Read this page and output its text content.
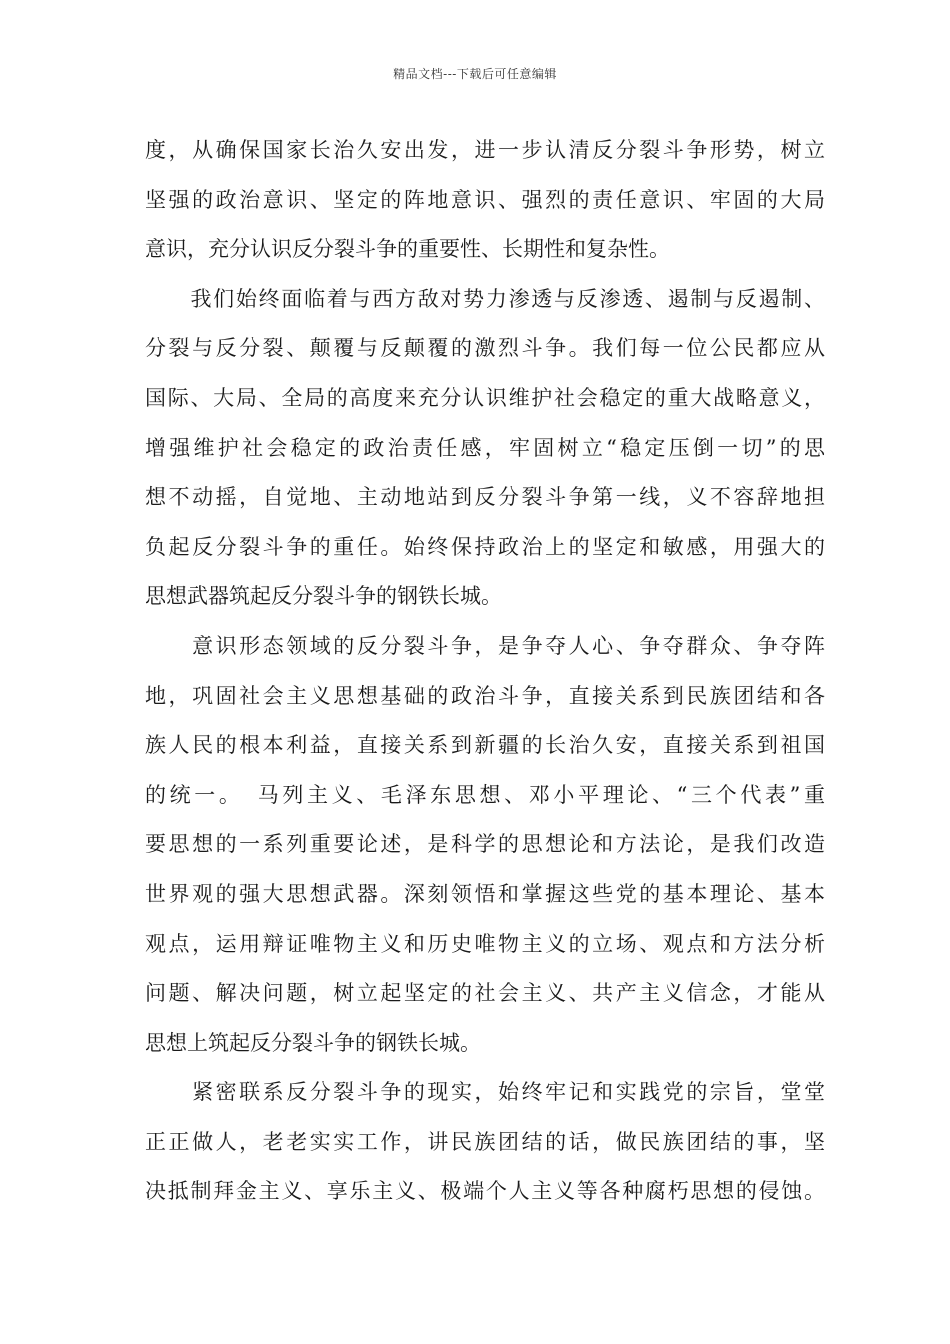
精品文档---下载后可任意编辑
度，从确保国家长治久安出发，进一步认清反分裂斗争形势，树立
坚强的政治意识、坚定的阵地意识、强烈的责任意识、牢固的大局
意识，充分认识反分裂斗争的重要性、长期性和复杂性。
　　我们始终面临着与西方敌对势力渗透与反渗透、遏制与反遏制、
分裂与反分裂、颠覆与反颠覆的激烈斗争。我们每一位公民都应从
国际、大局、全局的高度来充分认识维护社会稳定的重大战略意义，
增强维护社会稳定的政治责任感，牢固树立“稳定压倒一切”的思
想不动摇，自觉地、主动地站到反分裂斗争第一线，义不容辞地担
负起反分裂斗争的重任。始终保持政治上的坚定和敏感，用强大的
思想武器筑起反分裂斗争的钢铁长城。
　　意识形态领域的反分裂斗争，是争夺人心、争夺群众、争夺阵
地，巩固社会主义思想基础的政治斗争，直接关系到民族团结和各
族人民的根本利益，直接关系到新疆的长治久安，直接关系到祖国
的统一。　马列主义、毛泽东思想、邓小平理论、“三个代表”重
要思想的一系列重要论述，是科学的思想论和方法论，是我们改造
世界观的强大思想武器。深刻领悟和掌握这些党的基本理论、基本
观点，运用辩证唯物主义和历史唯物主义的立场、观点和方法分析
问题、解决问题，树立起坚定的社会主义、共产主义信念，才能从
思想上筑起反分裂斗争的钢铁长城。
　　紧密联系反分裂斗争的现实，始终牢记和实践党的宗旨，堂堂
正正做人，老老实实工作，讲民族团结的话，做民族团结的事，坚
决抵制拜金主义、享乐主义、极端个人主义等各种腐朽思想的侵蚀。
